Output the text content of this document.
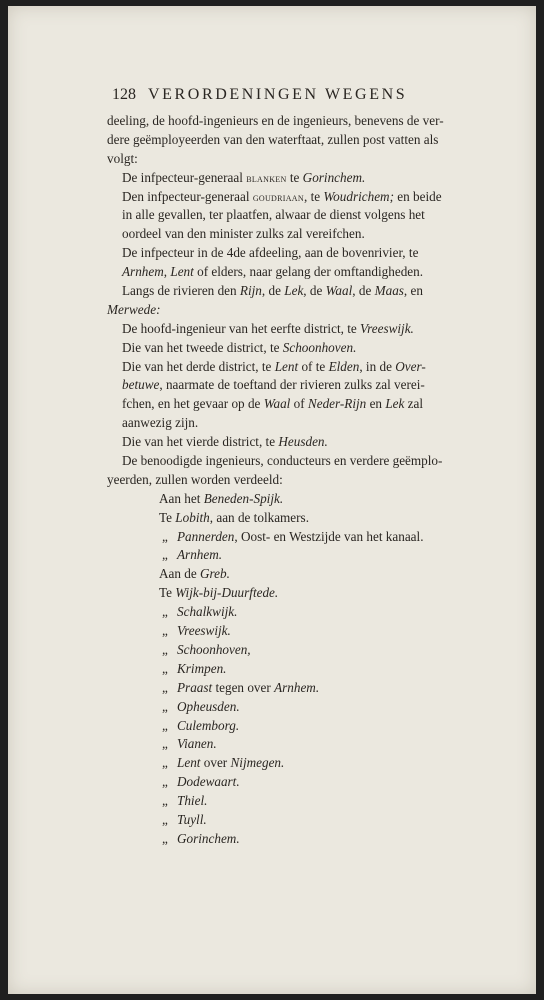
128 VERORDENINGEN WEGENS
deeling, de hoofd-ingenieurs en de ingenieurs, benevens de ver-
dere geëmployeerden van den waterftaat, zullen post vatten als
volgt:
De infpecteur-generaal blanken te Gorinchem.
Den infpecteur-generaal goudriaan, te Woudrichem; en beide
in alle gevallen, ter plaatfen, alwaar de dienst volgens het
oordeel van den minister zulks zal vereifchen.
De infpecteur in de 4de afdeeling, aan de bovenrivier, te
Arnhem, Lent of elders, naar gelang der omftandigheden.
Langs de rivieren den Rijn, de Lek, de Waal, de Maas, en
Merwede:
De hoofd-ingenieur van het eerfte district, te Vreeswijk.
Die van het tweede district, te Schoonhoven.
Die van het derde district, te Lent of te Elden, in de Over-
betuwe, naarmate de toeftand der rivieren zulks zal verei-
fchen, en het gevaar op de Waal of Neder-Rijn en Lek zal
aanwezig zijn.
Die van het vierde district, te Heusden.
De benoodigde ingenieurs, conducteurs en verdere geëmplo-
yeerden, zullen worden verdeeld:
Aan het Beneden-Spijk.
Te Lobith, aan de tolkamers.
„ Pannerden, Oost- en Westzijde van het kanaal.
„ Arnhem.
Aan de Greb.
Te Wijk-bij-Duurftede.
„ Schalkwijk.
„ Vreeswijk.
„ Schoonhoven,
„ Krimpen.
„ Praast tegen over Arnhem.
„ Opheusden.
„ Culemborg.
„ Vianen.
„ Lent over Nijmegen.
„ Dodewaart.
„ Thiel.
„ Tuyll.
„ Gorinchem.
